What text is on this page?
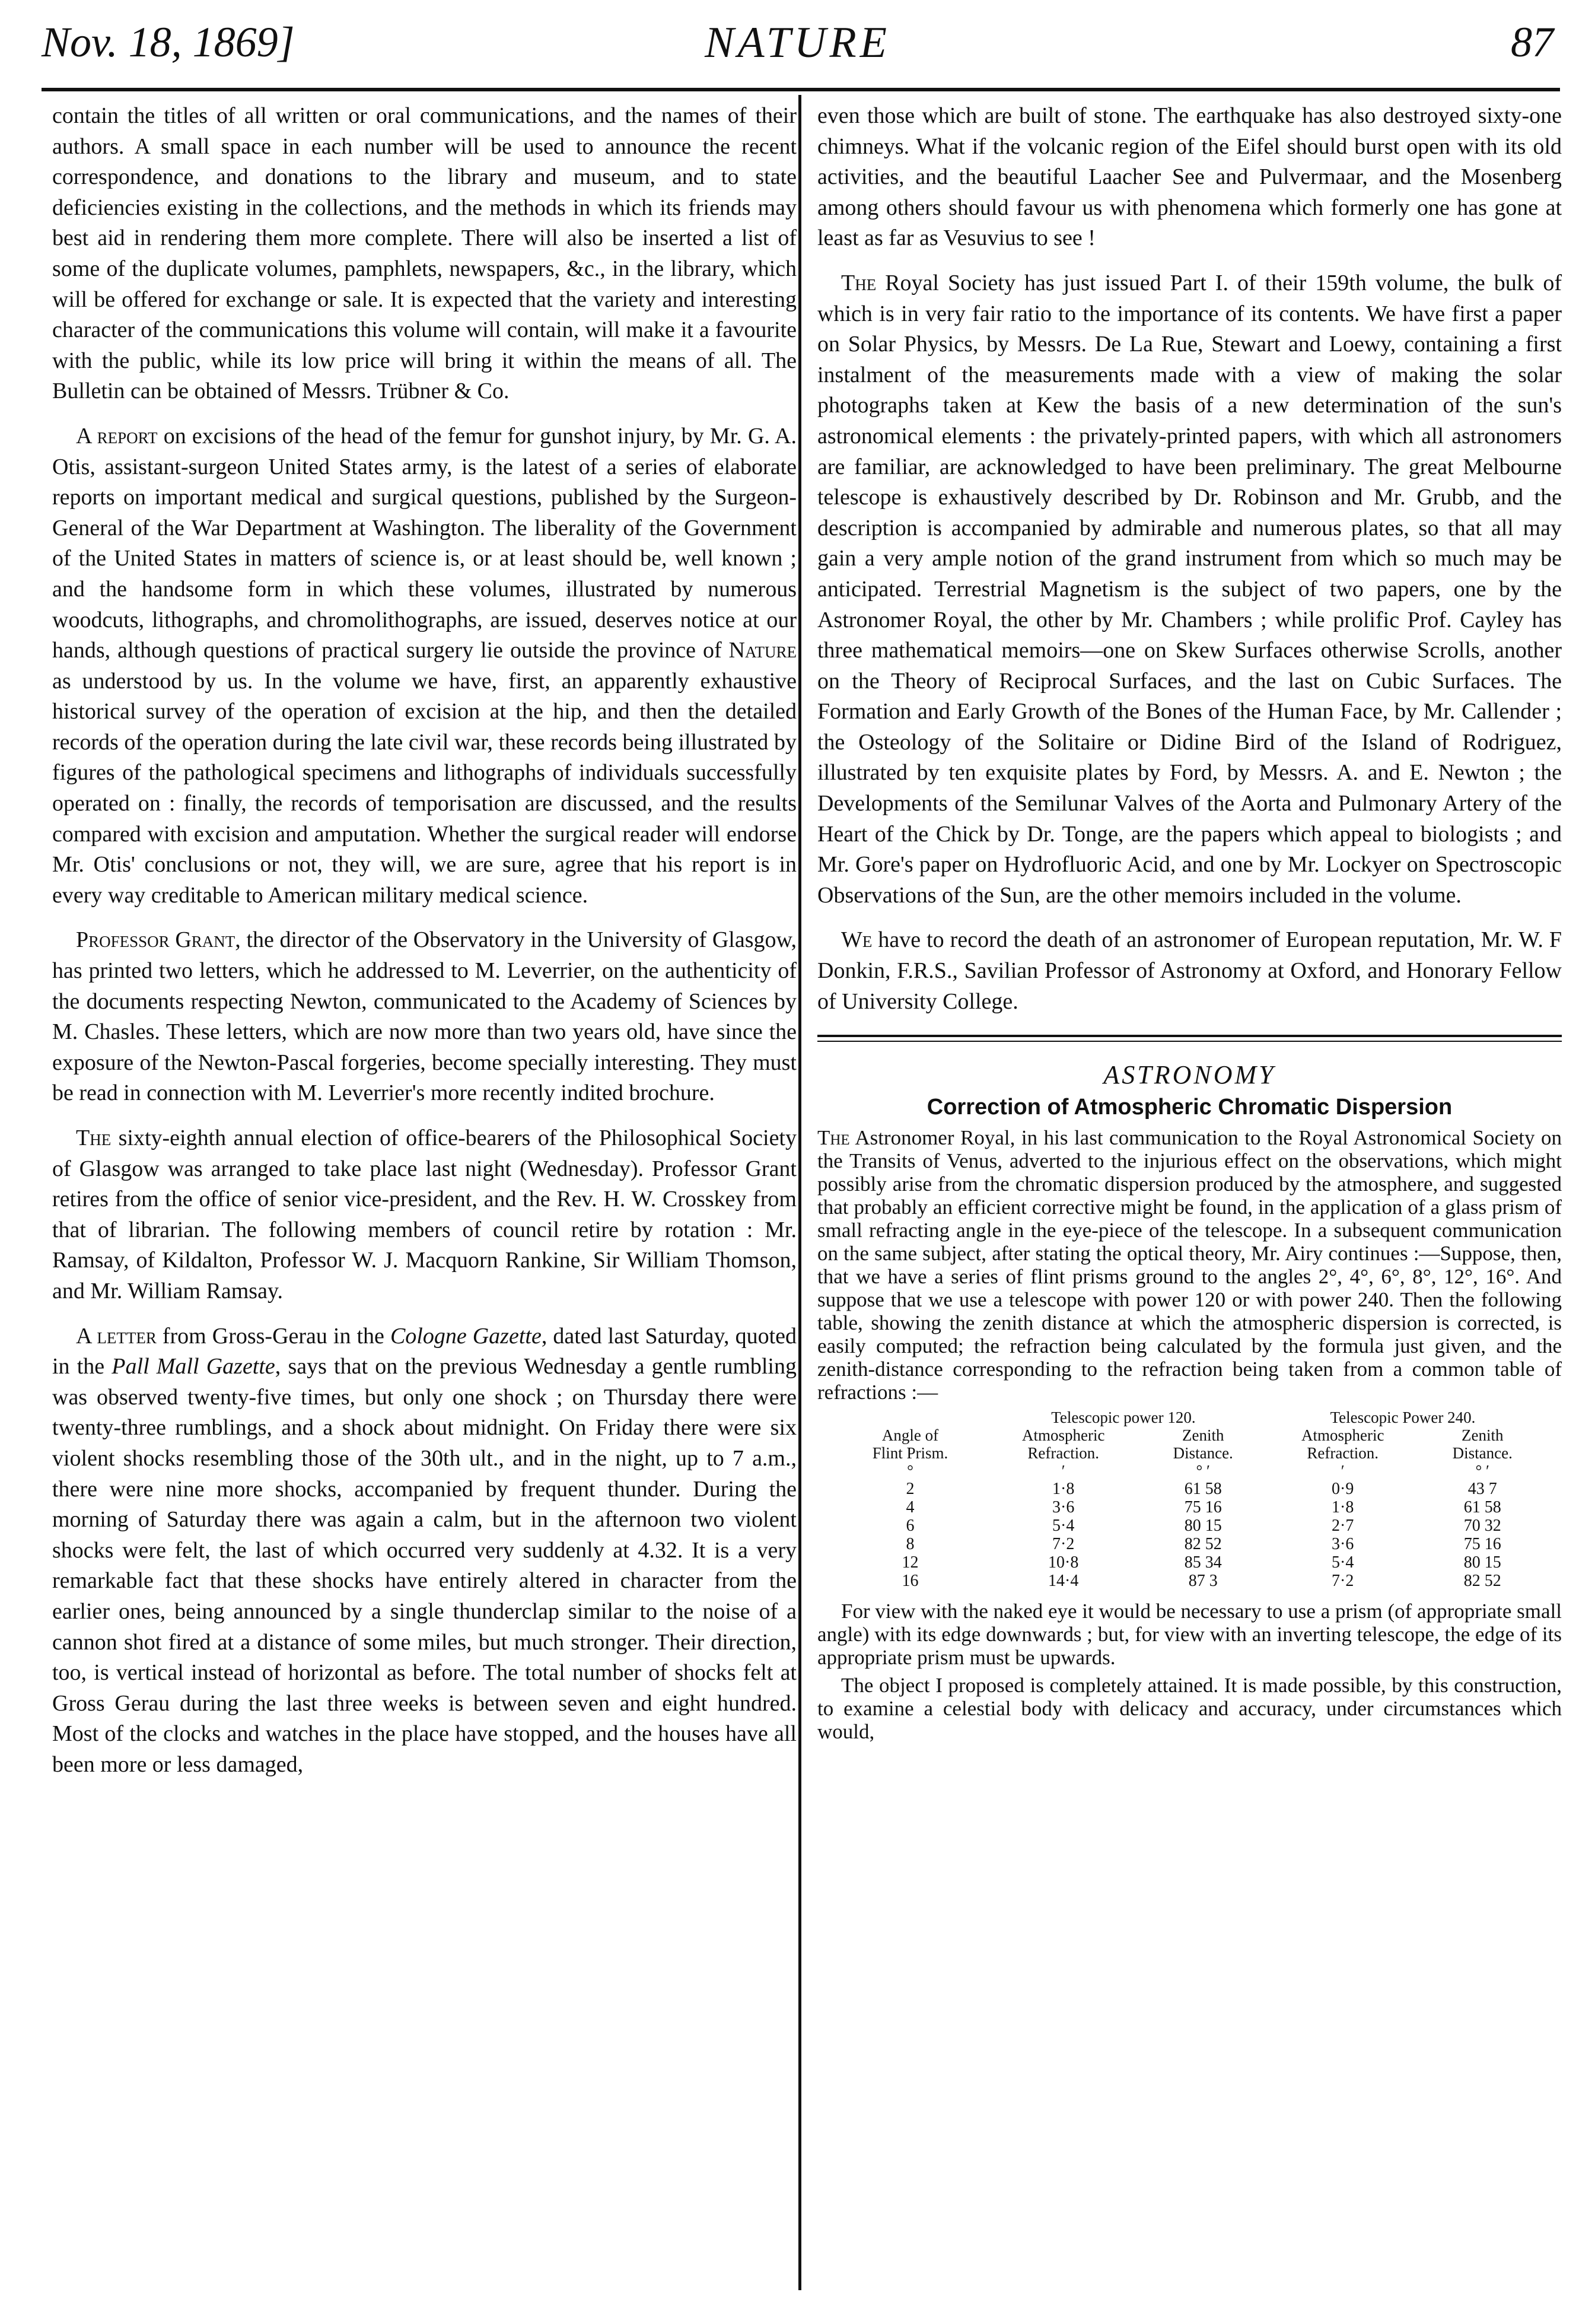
Nov. 18, 1869]	NATURE	87

contain the titles of all written or oral communications, and the names of their authors. A small space in each number will be used to announce the recent correspondence, and donations to the library and museum, and to state deficiencies existing in the collections, and the methods in which its friends may best aid in rendering them more complete. There will also be inserted a list of some of the duplicate volumes, pamphlets, newspapers, &c., in the library, which will be offered for exchange or sale. It is expected that the variety and interesting character of the communications this volume will contain, will make it a favourite with the public, while its low price will bring it within the means of all. The Bulletin can be obtained of Messrs. Trübner & Co.

A report on excisions of the head of the femur for gunshot injury, by Mr. G. A. Otis, assistant-surgeon United States army, is the latest of a series of elaborate reports on important medical and surgical questions, published by the Surgeon-General of the War Department at Washington. The liberality of the Government of the United States in matters of science is, or at least should be, well known ; and the handsome form in which these volumes, illustrated by numerous woodcuts, lithographs, and chromolithographs, are issued, deserves notice at our hands, although questions of practical surgery lie outside the province of Nature as understood by us. In the volume we have, first, an apparently exhaustive historical survey of the operation of excision at the hip, and then the detailed records of the operation during the late civil war, these records being illustrated by figures of the pathological specimens and lithographs of individuals successfully operated on : finally, the records of temporisation are discussed, and the results compared with excision and amputation. Whether the surgical reader will endorse Mr. Otis' conclusions or not, they will, we are sure, agree that his report is in every way creditable to American military medical science.

Professor Grant, the director of the Observatory in the University of Glasgow, has printed two letters, which he addressed to M. Leverrier, on the authenticity of the documents respecting Newton, communicated to the Academy of Sciences by M. Chasles. These letters, which are now more than two years old, have since the exposure of the Newton-Pascal forgeries, become specially interesting. They must be read in connection with M. Leverrier's more recently indited brochure.

The sixty-eighth annual election of office-bearers of the Philosophical Society of Glasgow was arranged to take place last night (Wednesday). Professor Grant retires from the office of senior vice-president, and the Rev. H. W. Crosskey from that of librarian. The following members of council retire by rotation : Mr. Ramsay, of Kildalton, Professor W. J. Macquorn Rankine, Sir William Thomson, and Mr. William Ramsay.

A letter from Gross-Gerau in the Cologne Gazette, dated last Saturday, quoted in the Pall Mall Gazette, says that on the previous Wednesday a gentle rumbling was observed twenty-five times, but only one shock ; on Thursday there were twenty-three rumblings, and a shock about midnight. On Friday there were six violent shocks resembling those of the 30th ult., and in the night, up to 7 a.m., there were nine more shocks, accompanied by frequent thunder. During the morning of Saturday there was again a calm, but in the afternoon two violent shocks were felt, the last of which occurred very suddenly at 4.32. It is a very remarkable fact that these shocks have entirely altered in character from the earlier ones, being announced by a single thunderclap similar to the noise of a cannon shot fired at a distance of some miles, but much stronger. Their direction, too, is vertical instead of horizontal as before. The total number of shocks felt at Gross Gerau during the last three weeks is between seven and eight hundred. Most of the clocks and watches in the place have stopped, and the houses have all been more or less damaged,

even those which are built of stone. The earthquake has also destroyed sixty-one chimneys. What if the volcanic region of the Eifel should burst open with its old activities, and the beautiful Laacher See and Pulvermaar, and the Mosenberg among others should favour us with phenomena which formerly one has gone at least as far as Vesuvius to see !

The Royal Society has just issued Part I. of their 159th volume, the bulk of which is in very fair ratio to the importance of its contents. We have first a paper on Solar Physics, by Messrs. De La Rue, Stewart and Loewy, containing a first instalment of the measurements made with a view of making the solar photographs taken at Kew the basis of a new determination of the sun's astronomical elements : the privately-printed papers, with which all astronomers are familiar, are acknowledged to have been preliminary. The great Melbourne telescope is exhaustively described by Dr. Robinson and Mr. Grubb, and the description is accompanied by admirable and numerous plates, so that all may gain a very ample notion of the grand instrument from which so much may be anticipated. Terrestrial Magnetism is the subject of two papers, one by the Astronomer Royal, the other by Mr. Chambers ; while prolific Prof. Cayley has three mathematical memoirs—one on Skew Surfaces otherwise Scrolls, another on the Theory of Reciprocal Surfaces, and the last on Cubic Surfaces. The Formation and Early Growth of the Bones of the Human Face, by Mr. Callender ; the Osteology of the Solitaire or Didine Bird of the Island of Rodriguez, illustrated by ten exquisite plates by Ford, by Messrs. A. and E. Newton ; the Developments of the Semilunar Valves of the Aorta and Pulmonary Artery of the Heart of the Chick by Dr. Tonge, are the papers which appeal to biologists ; and Mr. Gore's paper on Hydrofluoric Acid, and one by Mr. Lockyer on Spectroscopic Observations of the Sun, are the other memoirs included in the volume.

We have to record the death of an astronomer of European reputation, Mr. W. F Donkin, F.R.S., Savilian Professor of Astronomy at Oxford, and Honorary Fellow of University College.

ASTRONOMY
Correction of Atmospheric Chromatic Dispersion

The Astronomer Royal, in his last communication to the Royal Astronomical Society on the Transits of Venus, adverted to the injurious effect on the observations, which might possibly arise from the chromatic dispersion produced by the atmosphere, and suggested that probably an efficient corrective might be found, in the application of a glass prism of small refracting angle in the eye-piece of the telescope. In a subsequent communication on the same subject, after stating the optical theory, Mr. Airy continues :—Suppose, then, that we have a series of flint prisms ground to the angles 2°, 4°, 6°, 8°, 12°, 16°. And suppose that we use a telescope with power 120 or with power 240. Then the following table, showing the zenith distance at which the atmospheric dispersion is corrected, is easily computed; the refraction being calculated by the formula just given, and the zenith-distance corresponding to the refraction being taken from a common table of refractions :—

	Telescopic power 120.		Telescopic Power 240.	
Angle of	Atmospheric	Zenith	Atmospheric	Zenith
Flint Prism.	Refraction.	Distance.	Refraction.	Distance.
°	′	° ′	′	° ′
2	1·8	61 58	0·9	43 7
4	3·6	75 16	1·8	61 58
6	5·4	80 15	2·7	70 32
8	7·2	82 52	3·6	75 16
12	10·8	85 34	5·4	80 15
16	14·4	87 3	7·2	82 52

For view with the naked eye it would be necessary to use a prism (of appropriate small angle) with its edge downwards ; but, for view with an inverting telescope, the edge of its appropriate prism must be upwards.

The object I proposed is completely attained. It is made possible, by this construction, to examine a celestial body with delicacy and accuracy, under circumstances which would,
